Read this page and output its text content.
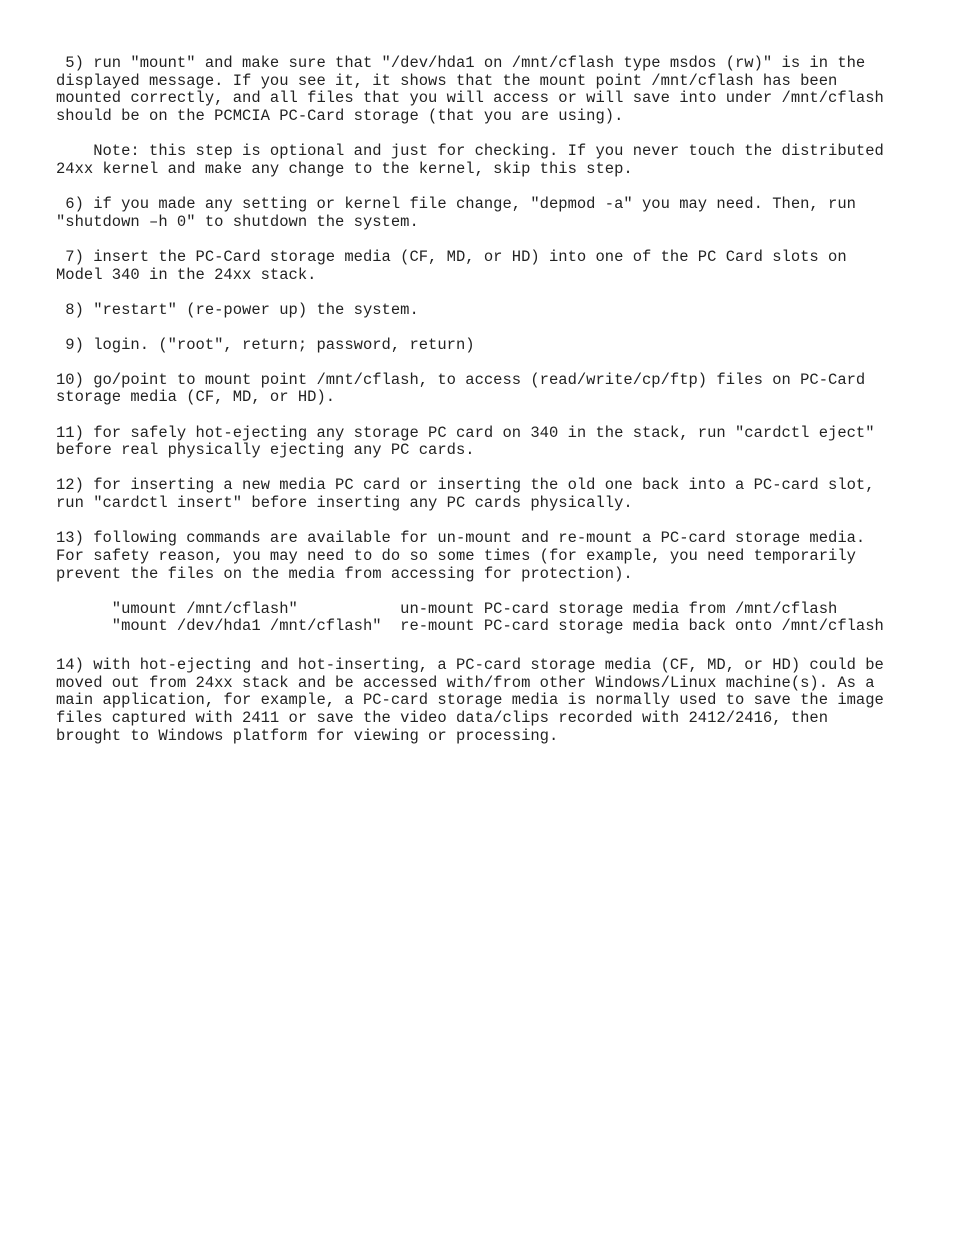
5) run "mount" and make sure that "/dev/hda1 on /mnt/cflash type msdos (rw)" is in the
displayed message. If you see it, it shows that the mount point /mnt/cflash has been
mounted correctly, and all files that you will access or will save into under /mnt/cflash
should be on the PCMCIA PC-Card storage (that you are using).

Note: this step is optional and just for checking. If you never touch the distributed
24xx kernel and make any change to the kernel, skip this step.

6) if you made any setting or kernel file change, "depmod -a" you may need. Then, run
"shutdown –h 0" to shutdown the system.

7) insert the PC-Card storage media (CF, MD, or HD) into one of the PC Card slots on
Model 340 in the 24xx stack.

8) "restart" (re-power up) the system.

9) login. ("root", return; password, return)

10) go/point to mount point /mnt/cflash, to access (read/write/cp/ftp) files on PC-Card
storage media (CF, MD, or HD).

11) for safely hot-ejecting any storage PC card on 340 in the stack, run "cardctl eject"
before real physically ejecting any PC cards.

12) for inserting a new media PC card or inserting the old one back into a PC-card slot,
run "cardctl insert" before inserting any PC cards physically.

13) following commands are available for un-mount and re-mount a PC-card storage media.
For safety reason, you may need to do so some times (for example, you need temporarily
prevent the files on the media from accessing for protection).

"umount /mnt/cflash"           un-mount PC-card storage media from /mnt/cflash

"mount /dev/hda1 /mnt/cflash"  re-mount PC-card storage media back onto /mnt/cflash

14) with hot-ejecting and hot-inserting, a PC-card storage media (CF, MD, or HD) could be
moved out from 24xx stack and be accessed with/from other Windows/Linux machine(s). As a
main application, for example, a PC-card storage media is normally used to save the image
files captured with 2411 or save the video data/clips recorded with 2412/2416, then
brought to Windows platform for viewing or processing.
